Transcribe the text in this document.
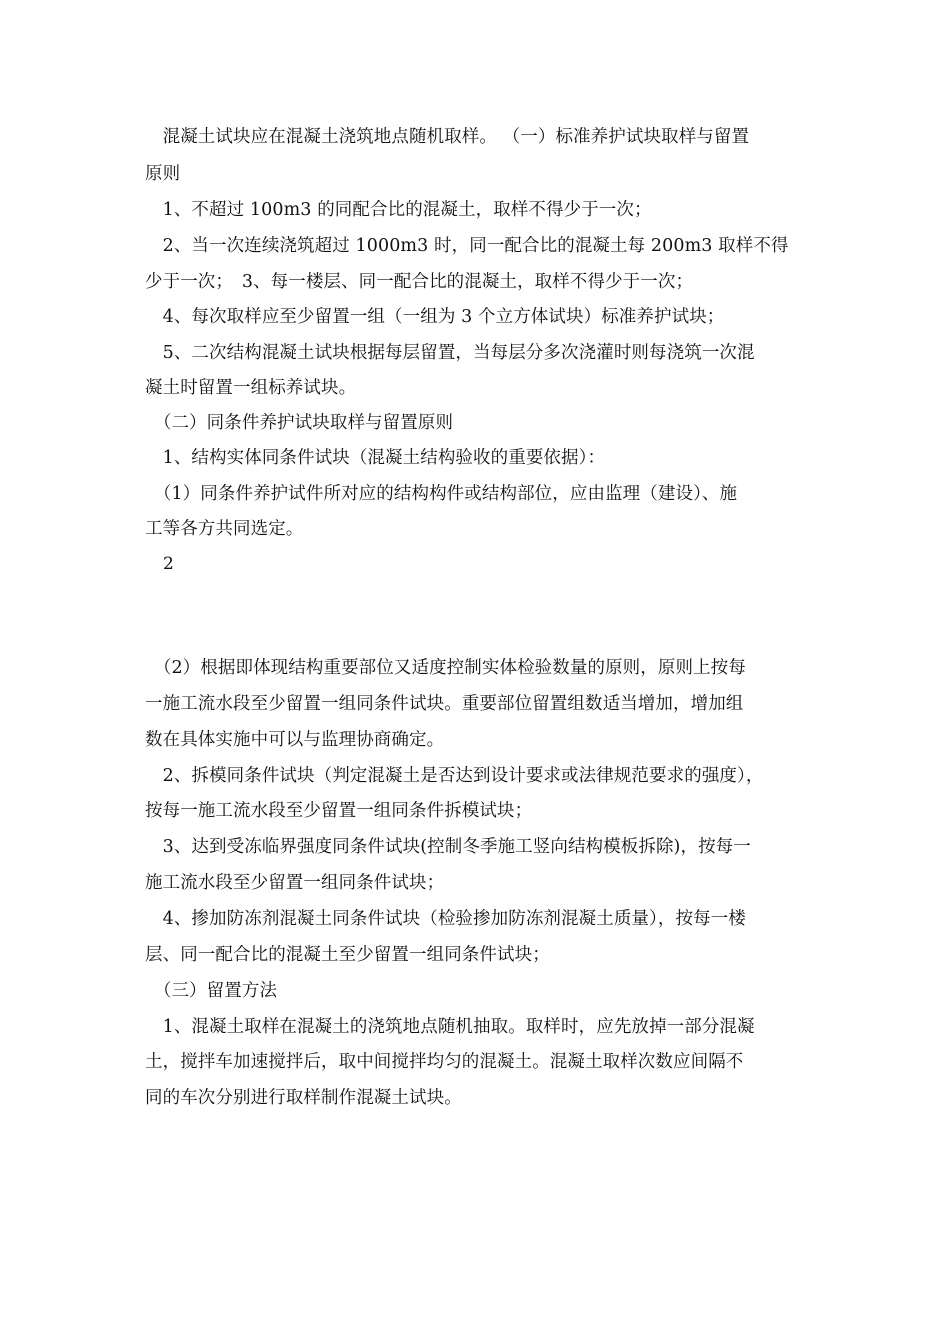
　混凝土试块应在混凝土浇筑地点随机取样。 （一）标准养护试块取样与留置
原则
　1、不超过 100m3 的同配合比的混凝土，取样不得少于一次；
　2、当一次连续浇筑超过 1000m3 时，同一配合比的混凝土每 200m3 取样不得
少于一次；　3、每一楼层、同一配合比的混凝土，取样不得少于一次；
　4、每次取样应至少留置一组（一组为 3 个立方体试块）标准养护试块；
　5、二次结构混凝土试块根据每层留置，当每层分多次浇灌时则每浇筑一次混
凝土时留置一组标养试块。
　（二）同条件养护试块取样与留置原则
　1、结构实体同条件试块（混凝土结构验收的重要依据）：
　（1）同条件养护试件所对应的结构构件或结构部位，应由监理（建设）、施
工等各方共同选定。
2
　（2）根据即体现结构重要部位又适度控制实体检验数量的原则，原则上按每
一施工流水段至少留置一组同条件试块。重要部位留置组数适当增加，增加组
数在具体实施中可以与监理协商确定。
　2、拆模同条件试块（判定混凝土是否达到设计要求或法律规范要求的强度），
按每一施工流水段至少留置一组同条件拆模试块；
　3、达到受冻临界强度同条件试块(控制冬季施工竖向结构模板拆除)，按每一
施工流水段至少留置一组同条件试块；
　4、掺加防冻剂混凝土同条件试块（检验掺加防冻剂混凝土质量），按每一楼
层、同一配合比的混凝土至少留置一组同条件试块；
　（三）留置方法
　1、混凝土取样在混凝土的浇筑地点随机抽取。取样时，应先放掉一部分混凝
土，搅拌车加速搅拌后，取中间搅拌均匀的混凝土。混凝土取样次数应间隔不
同的车次分别进行取样制作混凝土试块。
